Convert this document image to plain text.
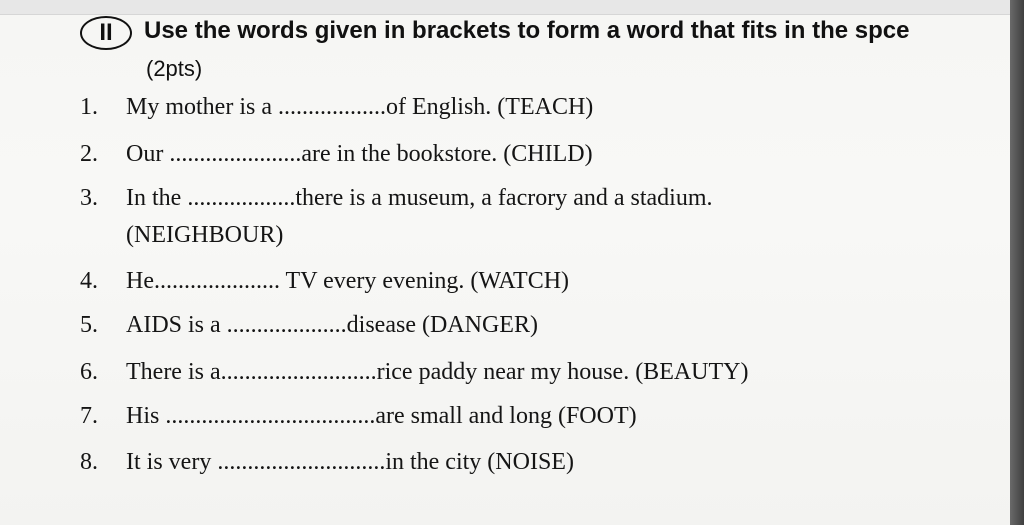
II	Use the words given in brackets to form a word that fits in the spce
(2pts)
1. My mother is a ..................of English. (TEACH)
2. Our ......................are in the bookstore. (CHILD)
3. In the ..................there is a museum, a facrory and a stadium.
(NEIGHBOUR)
4. He..................... TV every evening. (WATCH)
5. AIDS is a ....................disease (DANGER)
6. There is a..........................rice paddy near my house. (BEAUTY)
7. His ...................................are small and long (FOOT)
8. It is very ............................in the city (NOISE)
